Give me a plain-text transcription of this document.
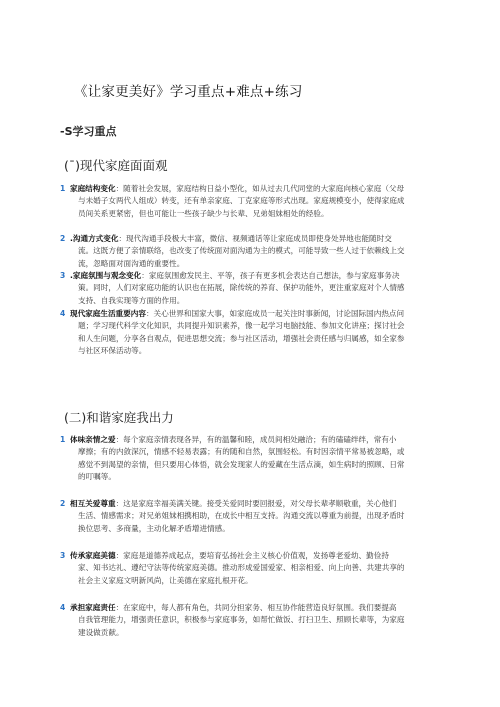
《让家更美好》学习重点+难点+练习
-S学习重点
(¯)现代家庭面面观
1 家庭结构变化：随着社会发展，家庭结构日益小型化，如从过去几代同堂的大家庭向核心家庭（父母
与未婚子女两代人组成）转变，还有单亲家庭、丁克家庭等形式出现。家庭规模变小，使得家庭成
员间关系更紧密，但也可能让一些孩子缺少与长辈、兄弟姐妹相处的经验。
2 .沟通方式变化：现代沟通手段极大丰富，微信、视频通话等让家庭成员即使身处异地也能随时交
流。这既方便了亲情联络，也改变了传统面对面沟通为主的模式，可能导致一些人过于依赖线上交
流，忽略面对面沟通的重要性。
3 .家庭氛围与观念变化：家庭氛围愈发民主、平等，孩子有更多机会表达自己想法，参与家庭事务决
策。同时，人们对家庭功能的认识也在拓展，除传统的养育、保护功能外，更注重家庭对个人情感
支持、自我实现等方面的作用。
4 现代家庭生活重要内容：关心世界和国家大事，如家庭成员一起关注时事新闻，讨论国际国内热点问
题；学习现代科学文化知识，共同提升知识素养，像一起学习电脑技能、参加文化讲座；探讨社会
和人生问题，分享各自观点，促进思想交流；参与社区活动，增强社会责任感与归属感，如全家参
与社区环保活动等。
(二)和谐家庭我出力
1 体味亲情之爱：每个家庭亲情表现各异，有的温馨和睦，成员间相处融洽；有的磕磕绊绊，常有小
摩擦；有的内敛深沉，情感不轻易表露；有的随和自然，氛围轻松。有时因亲情平常易被忽略，或
感觉不到渴望的亲情，但只要用心体悟，就会发现家人的爱藏在生活点滴，如生病时的照顾、日常
的叮嘱等。
2 相互关爱尊重：这是家庭幸福美满关键。接受关爱同时要回报爱，对父母长辈孝顺敬重，关心他们
生活、情感需求；对兄弟姐妹相携相助，在成长中相互支持。沟通交流以尊重为前提，出现矛盾时
换位思考、多商量，主动化解矛盾增进情感。
3 传承家庭美德：家庭是道德养成起点，要培育弘扬社会主义核心价值观，发扬尊老爱幼、勤俭持
家、知书达礼、遵纪守法等传统家庭美德。推动形成爱国爱家、相亲相爱、向上向善、共建共享的
社会主义家庭文明新风尚，让美德在家庭扎根开花。
4 承担家庭责任：在家庭中，每人都有角色，共同分担家务、相互协作能营造良好氛围。我们要提高
自我管理能力，增强责任意识，积极参与家庭事务，如帮忙做饭、打扫卫生、照顾长辈等，为家庭
建设做贡献。
